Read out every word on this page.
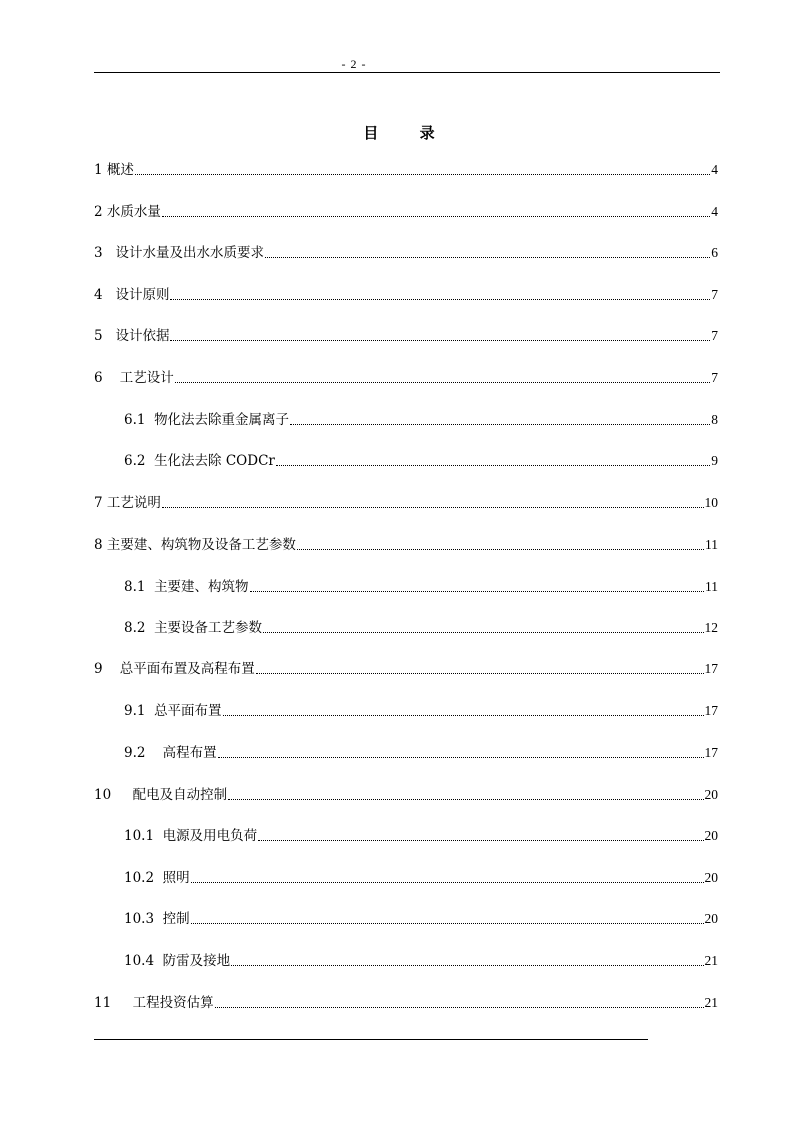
- 2 -
目 录
1 概述	4
2 水质水量	4
3   设计水量及出水水质要求	6
4   设计原则	7
5   设计依据	7
6    工艺设计	7
6.1  物化法去除重金属离子	8
6.2  生化法去除 CODCr	9
7 工艺说明	10
8 主要建、构筑物及设备工艺参数	11
8.1  主要建、构筑物	11
8.2  主要设备工艺参数	12
9    总平面布置及高程布置	17
9.1  总平面布置	17
9.2    高程布置	17
10     配电及自动控制	20
10.1  电源及用电负荷	20
10.2  照明	20
10.3  控制	20
10.4  防雷及接地	21
11     工程投资估算	21
